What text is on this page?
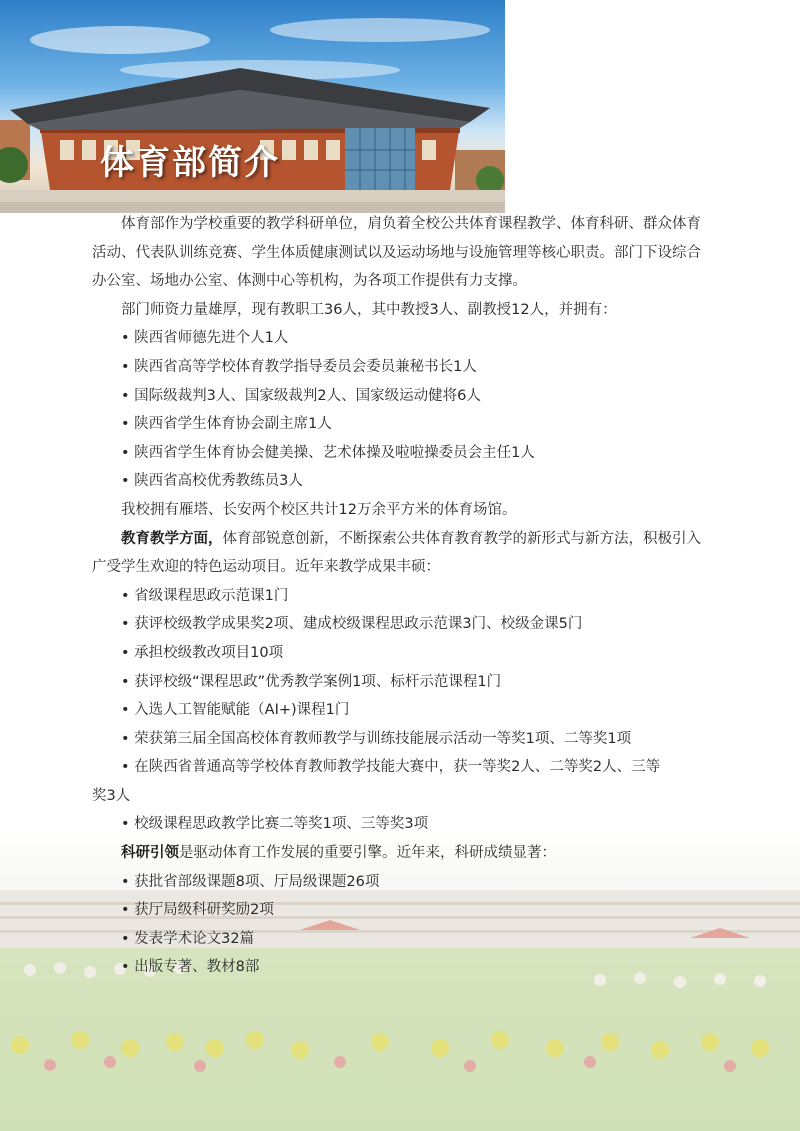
体育部简介

体育部作为学校重要的教学科研单位，肩负着全校公共体育课程教学、体育科研、群众体育活动、代表队训练竞赛、学生体质健康测试以及运动场地与设施管理等核心职责。部门下设综合办公室、场地办公室、体测中心等机构，为各项工作提供有力支撑。

部门师资力量雄厚，现有教职工36人，其中教授3人、副教授12人，并拥有：

• 陕西省师德先进个人1人

• 陕西省高等学校体育教学指导委员会委员兼秘书长1人

• 国际级裁判3人、国家级裁判2人、国家级运动健将6人

• 陕西省学生体育协会副主席1人

• 陕西省学生体育协会健美操、艺术体操及啦啦操委员会主任1人

• 陕西省高校优秀教练员3人

我校拥有雁塔、长安两个校区共计12万余平方米的体育场馆。

教育教学方面，体育部锐意创新，不断探索公共体育教育教学的新形式与新方法，积极引入广受学生欢迎的特色运动项目。近年来教学成果丰硕：

• 省级课程思政示范课1门

• 获评校级教学成果奖2项、建成校级课程思政示范课3门、校级金课5门

• 承担校级教改项目10项

• 获评校级“课程思政”优秀教学案例1项、标杆示范课程1门

• 入选人工智能赋能（AI+)课程1门

• 荣获第三届全国高校体育教师教学与训练技能展示活动一等奖1项、二等奖1项

• 在陕西省普通高等学校体育教师教学技能大赛中，获一等奖2人、二等奖2人、三等
奖3人

• 校级课程思政教学比赛二等奖1项、三等奖3项

科研引领是驱动体育工作发展的重要引擎。近年来，科研成绩显著：

• 获批省部级课题8项、厅局级课题26项

• 获厅局级科研奖励2项

• 发表学术论文32篇

• 出版专著、教材8部
